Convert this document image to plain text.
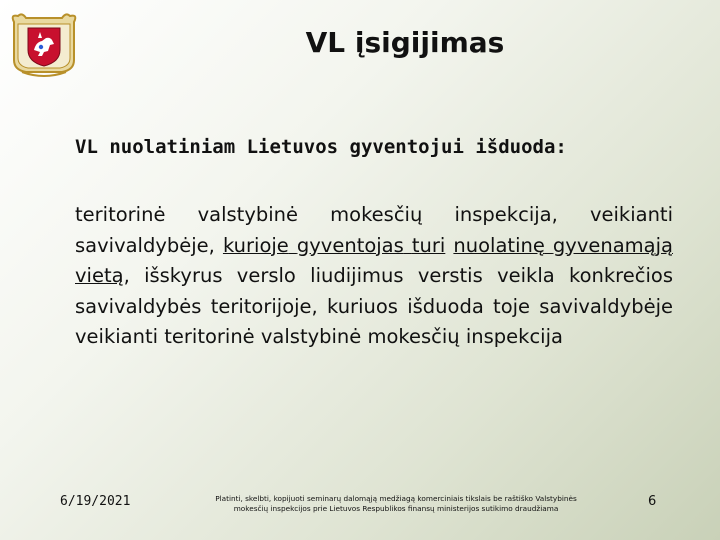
VL įsigijimas
VL nuolatiniam Lietuvos gyventojui išduoda:
teritorinė valstybinė mokesčių inspekcija, veikianti savivaldybėje, kurioje gyventojas turi nuolatinę gyvenamąją vietą, išskyrus verslo liudijimus verstis veikla konkrečios savivaldybės teritorijoje, kuriuos išduoda toje savivaldybėje veikianti teritorinė valstybinė mokesčių inspekcija
6/19/2021	Platinti, skelbti, kopijuoti seminarų dalomąją medžiagą komerciniais tikslais be raštiško Valstybinės
mokesčių inspekcijos prie Lietuvos Respublikos finansų ministerijos sutikimo draudžiama	6
